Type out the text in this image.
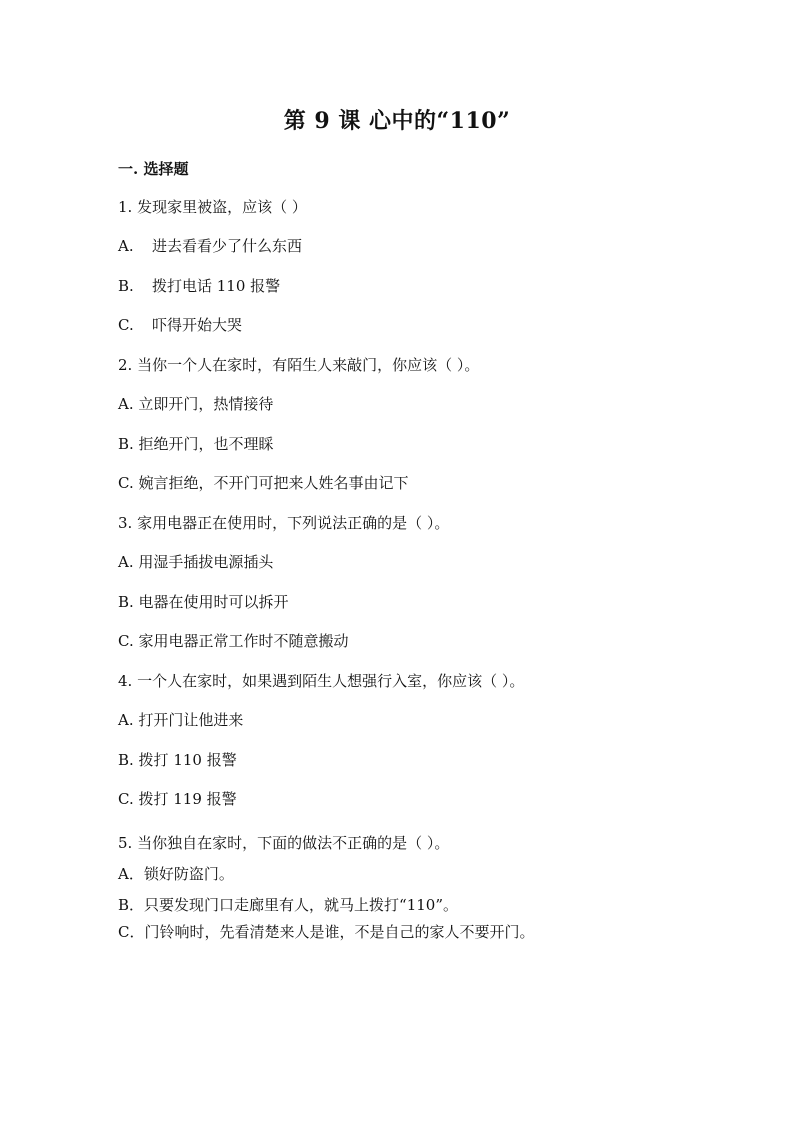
第 9 课 心中的“110”
一. 选择题
1. 发现家里被盗，应该（ ）
A. 进去看看少了什么东西
B. 拨打电话 110 报警
C. 吓得开始大哭
2. 当你一个人在家时，有陌生人来敲门，你应该（ ）。
A. 立即开门，热情接待
B. 拒绝开门，也不理睬
C. 婉言拒绝，不开门可把来人姓名事由记下
3. 家用电器正在使用时，下列说法正确的是（ ）。
A. 用湿手插拔电源插头
B. 电器在使用时可以拆开
C. 家用电器正常工作时不随意搬动
4. 一个人在家时，如果遇到陌生人想强行入室，你应该（ ）。
A. 打开门让他进来
B. 拨打 110 报警
C. 拨打 119 报警
5. 当你独自在家时，下面的做法不正确的是（ ）。
A．锁好防盗门。
B．只要发现门口走廊里有人，就马上拨打“110”。
C．门铃响时，先看清楚来人是谁，不是自己的家人不要开门。
